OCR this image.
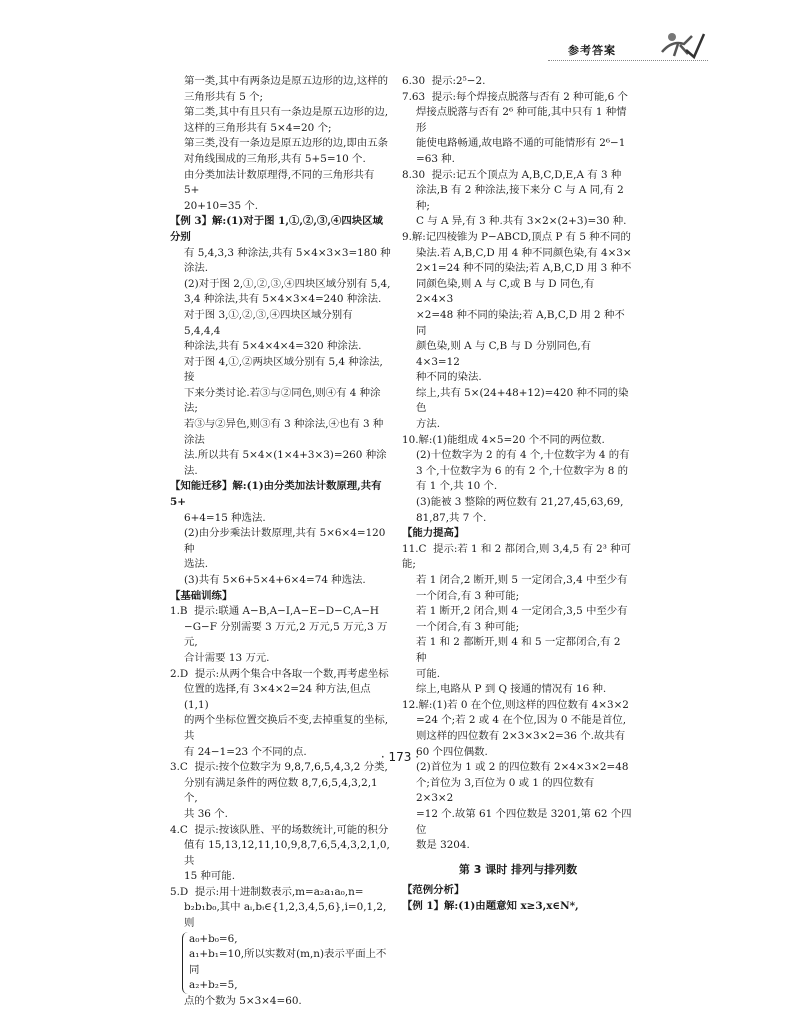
参考答案

第一类,其中有两条边是原五边形的边,这样的

三角形共有 5 个;

第二类,其中有且只有一条边是原五边形的边,

这样的三角形共有 5×4=20 个;

第三类,没有一条边是原五边形的边,即由五条

对角线围成的三角形,共有 5+5=10 个.

由分类加法计数原理得,不同的三角形共有 5+

20+10=35 个.

【例 3】解:(1)对于图 1,①,②,③,④四块区域分别

有 5,4,3,3 种涂法,共有 5×4×3×3=180 种涂法.

(2)对于图 2,①,②,③,④四块区域分别有 5,4,

3,4 种涂法,共有 5×4×3×4=240 种涂法.

对于图 3,①,②,③,④四块区域分别有 5,4,4,4

种涂法,共有 5×4×4×4=320 种涂法.

对于图 4,①,②两块区域分别有 5,4 种涂法,接

下来分类讨论.若③与②同色,则④有 4 种涂法;

若③与②异色,则③有 3 种涂法,④也有 3 种涂法

法.所以共有 5×4×(1×4+3×3)=260 种涂法.

【知能迁移】解:(1)由分类加法计数原理,共有 5+

6+4=15 种选法.

(2)由分步乘法计数原理,共有 5×6×4=120 种

选法.

(3)共有 5×6+5×4+6×4=74 种选法.

【基础训练】

1.B  提示:联通 A−B,A−I,A−E−D−C,A−H

−G−F 分别需要 3 万元,2 万元,5 万元,3 万元,

合计需要 13 万元.

2.D  提示:从两个集合中各取一个数,再考虑坐标

位置的选择,有 3×4×2=24 种方法,但点(1,1)

的两个坐标位置交换后不变,去掉重复的坐标,共

有 24−1=23 个不同的点.

3.C  提示:按个位数字为 9,8,7,6,5,4,3,2 分类,

分别有满足条件的两位数 8,7,6,5,4,3,2,1 个,

共 36 个.

4.C  提示:按该队胜、平的场数统计,可能的积分

值有 15,13,12,11,10,9,8,7,6,5,4,3,2,1,0,共

15 种可能.

5.D  提示:用十进制数表示,m=a₂a₁a₀,n=

b₂b₁b₀,其中 aᵢ,bᵢ∈{1,2,3,4,5,6},i=0,1,2,则

a₀+b₀=6,

a₁+b₁=10,所以实数对(m,n)表示平面上不同

a₂+b₂=5,

点的个数为 5×3×4=60.

6.30  提示:2⁵−2.

7.63  提示:每个焊接点脱落与否有 2 种可能,6 个

焊接点脱落与否有 2⁶ 种可能,其中只有 1 种情形

能使电路畅通,故电路不通的可能情形有 2⁶−1

=63 种.

8.30  提示:记五个顶点为 A,B,C,D,E,A 有 3 种

涂法,B 有 2 种涂法,接下来分 C 与 A 同,有 2 种;

C 与 A 异,有 3 种.共有 3×2×(2+3)=30 种.

9.解:记四棱锥为 P−ABCD,顶点 P 有 5 种不同的

染法.若 A,B,C,D 用 4 种不同颜色染,有 4×3×

2×1=24 种不同的染法;若 A,B,C,D 用 3 种不

同颜色染,则 A 与 C,或 B 与 D 同色,有 2×4×3

×2=48 种不同的染法;若 A,B,C,D 用 2 种不同

颜色染,则 A 与 C,B 与 D 分别同色,有 4×3=12

种不同的染法.

综上,共有 5×(24+48+12)=420 种不同的染色

方法.

10.解:(1)能组成 4×5=20 个不同的两位数.

(2)十位数字为 2 的有 4 个,十位数字为 4 的有

3 个,十位数字为 6 的有 2 个,十位数字为 8 的

有 1 个,共 10 个.

(3)能被 3 整除的两位数有 21,27,45,63,69,

81,87,共 7 个.

【能力提高】

11.C  提示:若 1 和 2 都闭合,则 3,4,5 有 2³ 种可能;

若 1 闭合,2 断开,则 5 一定闭合,3,4 中至少有

一个闭合,有 3 种可能;

若 1 断开,2 闭合,则 4 一定闭合,3,5 中至少有

一个闭合,有 3 种可能;

若 1 和 2 都断开,则 4 和 5 一定都闭合,有 2 种

可能.

综上,电路从 P 到 Q 接通的情况有 16 种.

12.解:(1)若 0 在个位,则这样的四位数有 4×3×2

=24 个;若 2 或 4 在个位,因为 0 不能是首位,

则这样的四位数有 2×3×3×2=36 个.故共有

60 个四位偶数.

(2)首位为 1 或 2 的四位数有 2×4×3×2=48

个;首位为 3,百位为 0 或 1 的四位数有 2×3×2

=12 个.故第 61 个四位数是 3201,第 62 个四位

数是 3204.

第 3 课时 排列与排列数

【范例分析】

【例 1】解:(1)由题意知 x≥3,x∈N*,

· 173 ·
